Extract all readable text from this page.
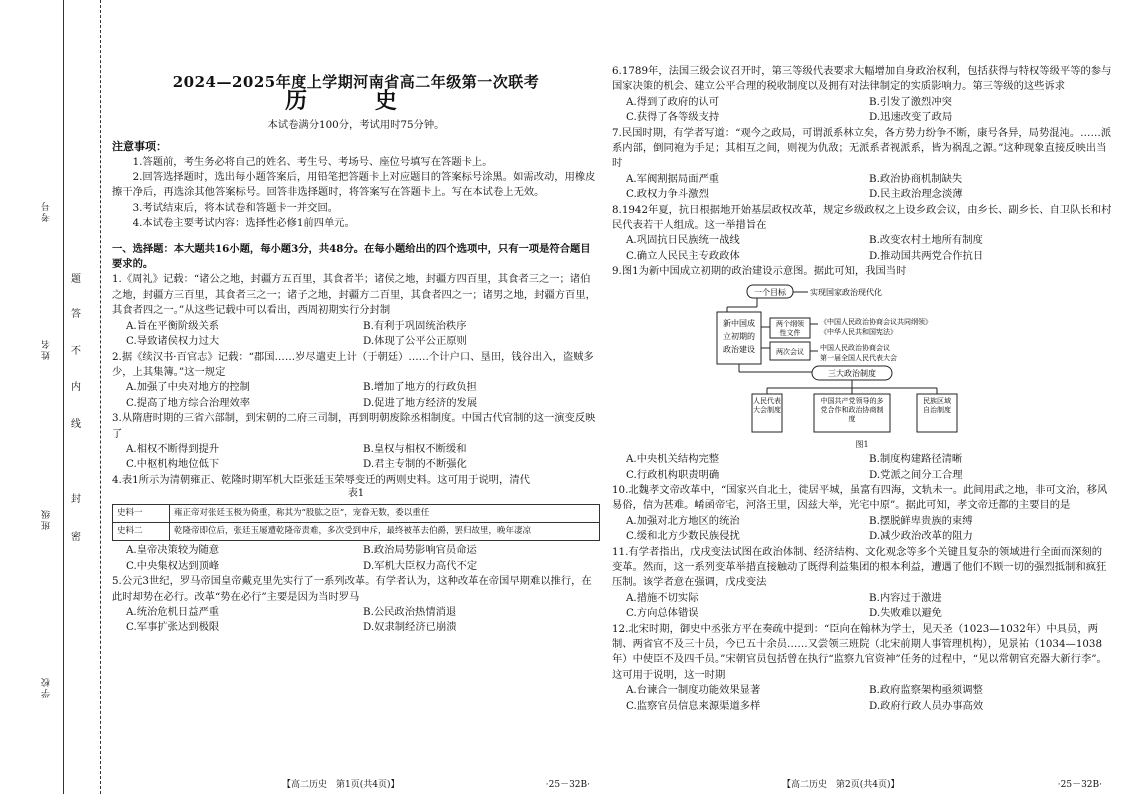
考号
姓名
班级
学校
题
答
不
内
线
封
密
2024—2025年度上学期河南省高二年级第一次联考
历 史
本试卷满分100分，考试用时75分钟。
注意事项：

1.答题前，考生务必将自己的姓名、考生号、考场号、座位号填写在答题卡上。

2.回答选择题时，选出每小题答案后，用铅笔把答题卡上对应题目的答案标号涂黑。如需改动，用橡皮擦干净后，再选涂其他答案标号。回答非选择题时，将答案写在答题卡上。写在本试卷上无效。

3.考试结束后，将本试卷和答题卡一并交回。

4.本试卷主要考试内容：选择性必修1前四单元。

一、选择题：本大题共16小题，每小题3分，共48分。在每小题给出的四个选项中，只有一项是符合题目要求的。

1.《周礼》记载：“诸公之地，封疆方五百里，其食者半；诸侯之地，封疆方四百里，其食者三之一；诸伯之地，封疆方三百里，其食者三之一；诸子之地，封疆方二百里，其食者四之一；诸男之地，封疆方百里，其食者四之一。”从这些记载中可以看出，西周初期实行分封制

A.旨在平衡阶级关系	B.有利于巩固统治秩序
C.导致诸侯权力过大	D.体现了公平公正原则

2.据《续汉书·百官志》记载：“郡国……岁尽遣吏上计（于朝廷）……个计户口、垦田，钱谷出入，盗贼多少，上其集簿。”这一规定

A.加强了中央对地方的控制	B.增加了地方的行政负担
C.提高了地方综合治理效率	D.促进了地方经济的发展

3.从隋唐时期的三省六部制，到宋朝的二府三司制，再到明朝废除丞相制度。中国古代官制的这一演变反映了

A.相权不断得到提升	B.皇权与相权不断缓和
C.中枢机构地位低下	D.君主专制的不断强化

4.表1所示为清朝雍正、乾隆时期军机大臣张廷玉荣辱变迁的两则史料。这可用于说明，清代

表1
史料一	雍正帝对张廷玉极为倚重，称其为“股肱之臣”，宠眷无数，委以重任
史料二	乾隆帝即位后，张廷玉屡遭乾隆帝责难，多次受到申斥，最终被革去伯爵，罢归故里，晚年凄凉
A.皇帝决策较为随意	B.政治局势影响官员命运
C.中央集权达到顶峰	D.军机大臣权力高代不定

5.公元3世纪，罗马帝国皇帝戴克里先实行了一系列改革。有学者认为，这种改革在帝国早期难以推行，在此时却势在必行。改革“势在必行”主要是因为当时罗马

A.统治危机日益严重	B.公民政治热情消退
C.军事扩张达到极限	D.奴隶制经济已崩溃
【高二历史　第1页(共4页)】	·25－32B·

6.1789年，法国三级会议召开时，第三等级代表要求大幅增加自身政治权利，包括获得与特权等级平等的参与国家决策的机会、建立公平合理的税收制度以及拥有对法律制定的实质影响力。第三等级的这些诉求

A.得到了政府的认可	B.引发了激烈冲突
C.获得了各等级支持	D.迅速改变了政局

7.民国时期，有学者写道：“观今之政局，可谓派系林立矣，各方势力纷争不断，康号各异，局势混沌。……派系内部，倒同袍为手足；其相互之间，则视为仇敌；无派系者视派系，皆为祸乱之源。”这种现象直接反映出当时

A.军阀割据局面严重	B.政治协商机制缺失
C.政权力争斗激烈	D.民主政治理念淡薄

8.1942年夏，抗日根据地开始基层政权改革，规定乡级政权之上设乡政会议，由乡长、副乡长、自卫队长和村民代表若干人组成。这一举措旨在

A.巩固抗日民族统一战线	B.改变农村土地所有制度
C.确立人民民主专政政体	D.推动国共两党合作抗日

9.图1为新中国成立初期的政治建设示意图。据此可知，我国当时

一个目标	实现国家政治现代化
新中国成
立初期的
政治建设
两个纲领
性文件
两次会议
《中国人民政治协商会议共同纲领》
《中华人民共和国宪法》
中国人民政治协商会议
第一届全国人民代表大会
三大政治制度
人民代表
大会制度
中国共产党领导的多
党合作和政治协商制
度
民族区域
自治制度
图1
A.中央机关结构完整	B.制度构建路径清晰
C.行政机构职责明确	D.党派之间分工合理

10.北魏孝文帝改革中，“国家兴自北土，徙居平城，虽富有四海，文轨未一。此间用武之地，非可文治，移风易俗，信为甚难。崤函帝宅，河洛王里，因兹大举，光宅中原”。据此可知，孝文帝迁都的主要目的是

A.加强对北方地区的统治	B.摆脱鲜卑贵族的束缚
C.缓和北方少数民族侵扰	D.减少政治改革的阻力

11.有学者指出，戊戌变法试图在政治体制、经济结构、文化观念等多个关键且复杂的领域进行全面而深刻的变革。然而，这一系列变革举措直接触动了既得利益集团的根本利益，遭遇了他们不顾一切的强烈抵制和疯狂压制。该学者意在强调，戊戌变法

A.措施不切实际	B.内容过于激进
C.方向总体错误	D.失败难以避免

12.北宋时期，御史中丞张方平在奏疏中提到：“臣向在翰林为学士，见天圣（1023—1032年）中具员，两制、两省官不及三十员，今已五十余员……又尝领三班院（北宋前期人事管理机构），见景祐（1034—1038年）中使臣不及四千员。”宋朝官员包括曾在执行“监察九官资神”任务的过程中，“见以常朝官充器大新行李”。这可用于说明，这一时期

A.台谏合一制度功能效果显著	B.政府监察架构亟须调整
C.监察官员信息来源渠道多样	D.政府行政人员办事高效
【高二历史　第2页(共4页)】	·25－32B·
